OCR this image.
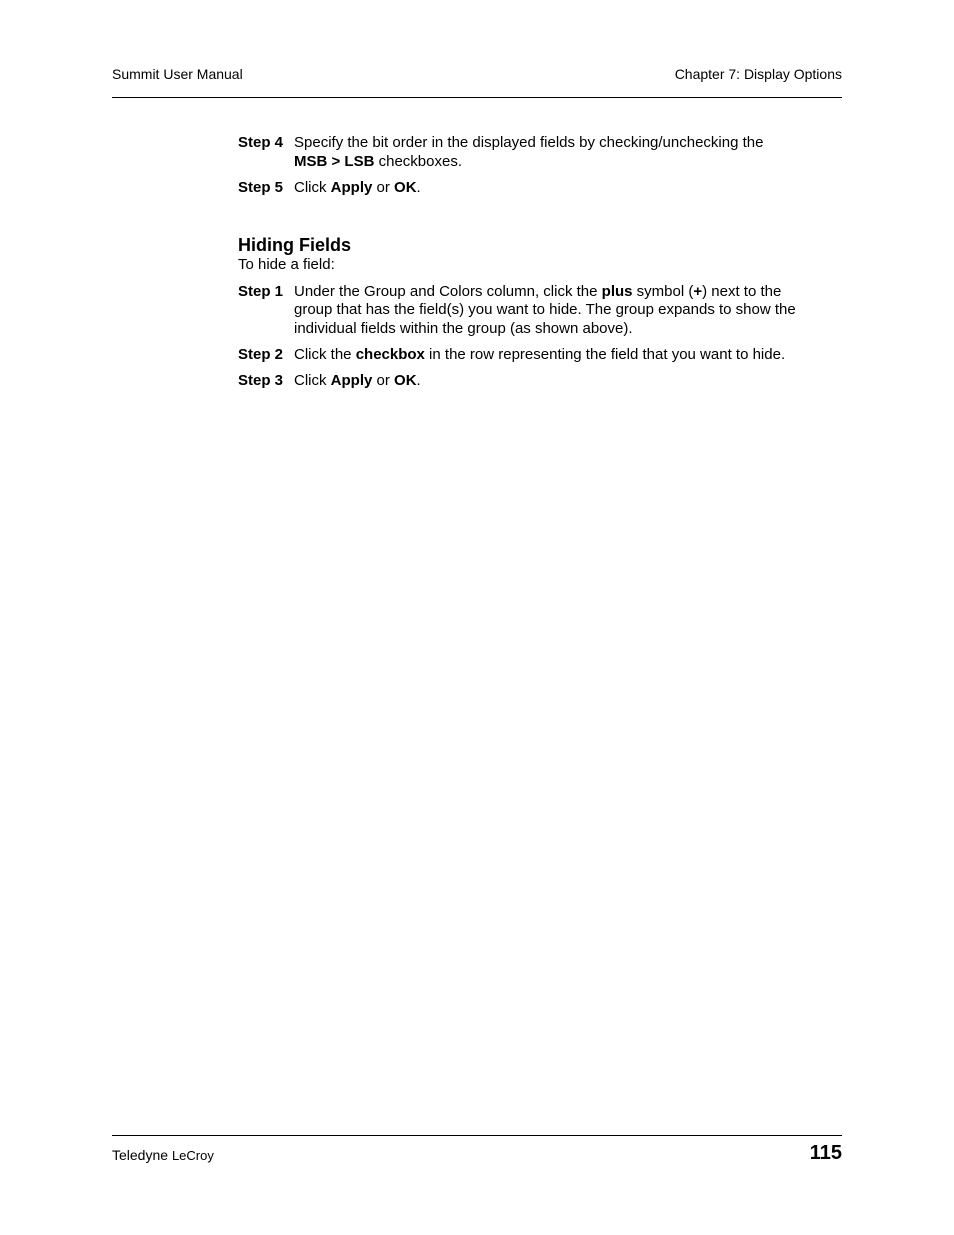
Summit User Manual	Chapter 7: Display Options
Step 4 Specify the bit order in the displayed fields by checking/unchecking the MSB > LSB checkboxes.
Step 5 Click Apply or OK.
Hiding Fields
To hide a field:
Step 1 Under the Group and Colors column, click the plus symbol (+) next to the group that has the field(s) you want to hide. The group expands to show the individual fields within the group (as shown above).
Step 2 Click the checkbox in the row representing the field that you want to hide.
Step 3 Click Apply or OK.
Teledyne LeCroy	115
